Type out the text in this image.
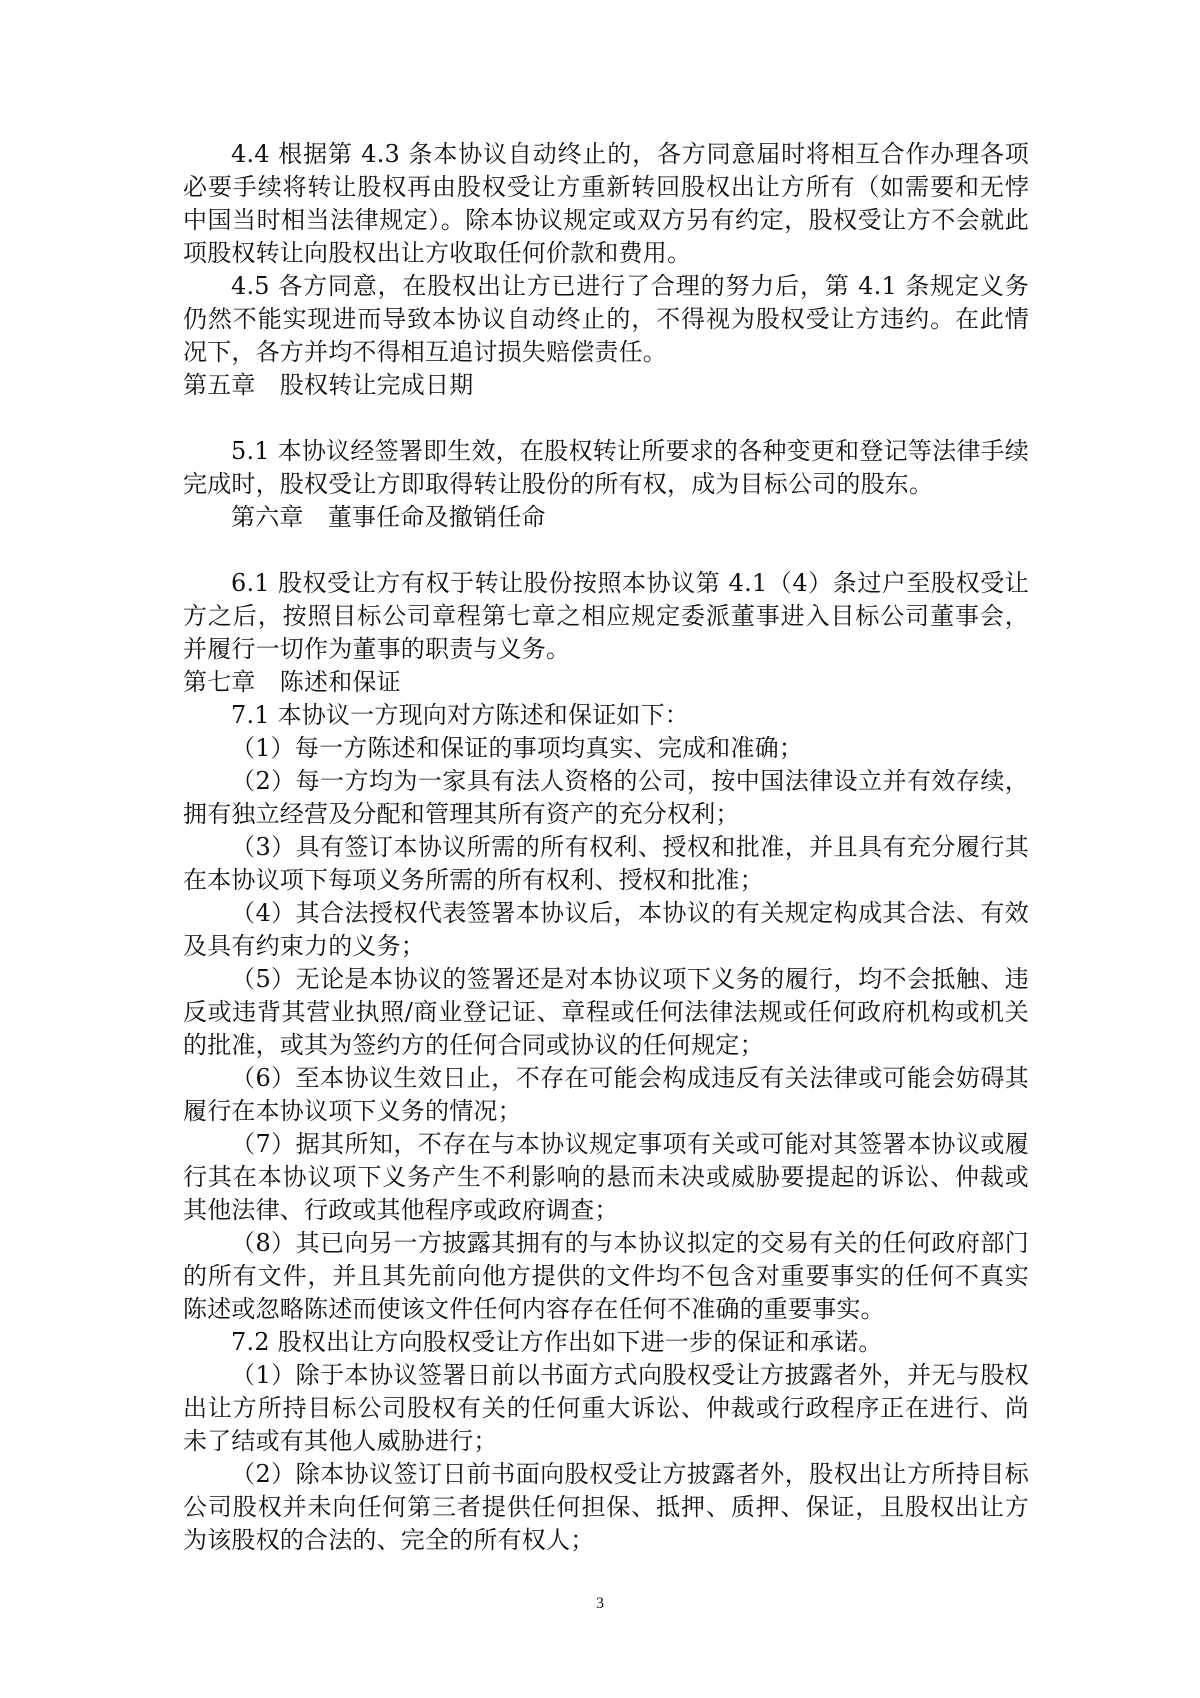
4.4 根据第 4.3 条本协议自动终止的，各方同意届时将相互合作办理各项必要手续将转让股权再由股权受让方重新转回股权出让方所有（如需要和无悖中国当时相当法律规定）。除本协议规定或双方另有约定，股权受让方不会就此项股权转让向股权出让方收取任何价款和费用。

4.5 各方同意，在股权出让方已进行了合理的努力后，第 4.1 条规定义务仍然不能实现进而导致本协议自动终止的，不得视为股权受让方违约。在此情况下，各方并均不得相互追讨损失赔偿责任。

第五章　股权转让完成日期

5.1 本协议经签署即生效，在股权转让所要求的各种变更和登记等法律手续完成时，股权受让方即取得转让股份的所有权，成为目标公司的股东。

第六章　董事任命及撤销任命

6.1 股权受让方有权于转让股份按照本协议第 4.1（4）条过户至股权受让方之后，按照目标公司章程第七章之相应规定委派董事进入目标公司董事会，并履行一切作为董事的职责与义务。

第七章　陈述和保证

7.1 本协议一方现向对方陈述和保证如下：

（1）每一方陈述和保证的事项均真实、完成和准确；

（2）每一方均为一家具有法人资格的公司，按中国法律设立并有效存续，拥有独立经营及分配和管理其所有资产的充分权利；

（3）具有签订本协议所需的所有权利、授权和批准，并且具有充分履行其在本协议项下每项义务所需的所有权利、授权和批准；

（4）其合法授权代表签署本协议后，本协议的有关规定构成其合法、有效及具有约束力的义务；

（5）无论是本协议的签署还是对本协议项下义务的履行，均不会抵触、违反或违背其营业执照/商业登记证、章程或任何法律法规或任何政府机构或机关的批准，或其为签约方的任何合同或协议的任何规定；

（6）至本协议生效日止，不存在可能会构成违反有关法律或可能会妨碍其履行在本协议项下义务的情况；

（7）据其所知，不存在与本协议规定事项有关或可能对其签署本协议或履行其在本协议项下义务产生不利影响的悬而未决或威胁要提起的诉讼、仲裁或其他法律、行政或其他程序或政府调查；

（8）其已向另一方披露其拥有的与本协议拟定的交易有关的任何政府部门的所有文件，并且其先前向他方提供的文件均不包含对重要事实的任何不真实陈述或忽略陈述而使该文件任何内容存在任何不准确的重要事实。

7.2 股权出让方向股权受让方作出如下进一步的保证和承诺。

（1）除于本协议签署日前以书面方式向股权受让方披露者外，并无与股权出让方所持目标公司股权有关的任何重大诉讼、仲裁或行政程序正在进行、尚未了结或有其他人威胁进行；

（2）除本协议签订日前书面向股权受让方披露者外，股权出让方所持目标公司股权并未向任何第三者提供任何担保、抵押、质押、保证，且股权出让方为该股权的合法的、完全的所有权人；

3
